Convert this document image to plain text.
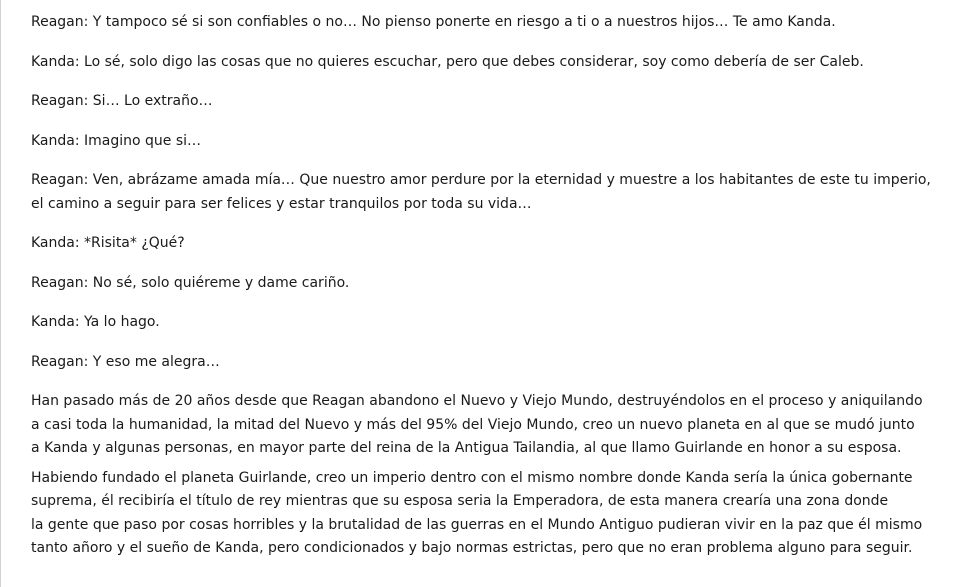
Reagan: Y tampoco sé si son confiables o no… No pienso ponerte en riesgo a ti o a nuestros hijos… Te amo Kanda.

Kanda: Lo sé, solo digo las cosas que no quieres escuchar, pero que debes considerar, soy como debería de ser Caleb.

Reagan: Si… Lo extraño…

Kanda: Imagino que si…

Reagan: Ven, abrázame amada mía… Que nuestro amor perdure por la eternidad y muestre a los habitantes de este tu imperio,
el camino a seguir para ser felices y estar tranquilos por toda su vida…

Kanda: *Risita* ¿Qué?

Reagan: No sé, solo quiéreme y dame cariño.

Kanda: Ya lo hago.

Reagan: Y eso me alegra…

Han pasado más de 20 años desde que Reagan abandono el Nuevo y Viejo Mundo, destruyéndolos en el proceso y aniquilando
a casi toda la humanidad, la mitad del Nuevo y más del 95% del Viejo Mundo, creo un nuevo planeta en al que se mudó junto
a Kanda y algunas personas, en mayor parte del reina de la Antigua Tailandia, al que llamo Guirlande en honor a su esposa.

Habiendo fundado el planeta Guirlande, creo un imperio dentro con el mismo nombre donde Kanda sería la única gobernante
suprema, él recibiría el título de rey mientras que su esposa seria la Emperadora, de esta manera crearía una zona donde
la gente que paso por cosas horribles y la brutalidad de las guerras en el Mundo Antiguo pudieran vivir en la paz que él mismo
tanto añoro y el sueño de Kanda, pero condicionados y bajo normas estrictas, pero que no eran problema alguno para seguir.
